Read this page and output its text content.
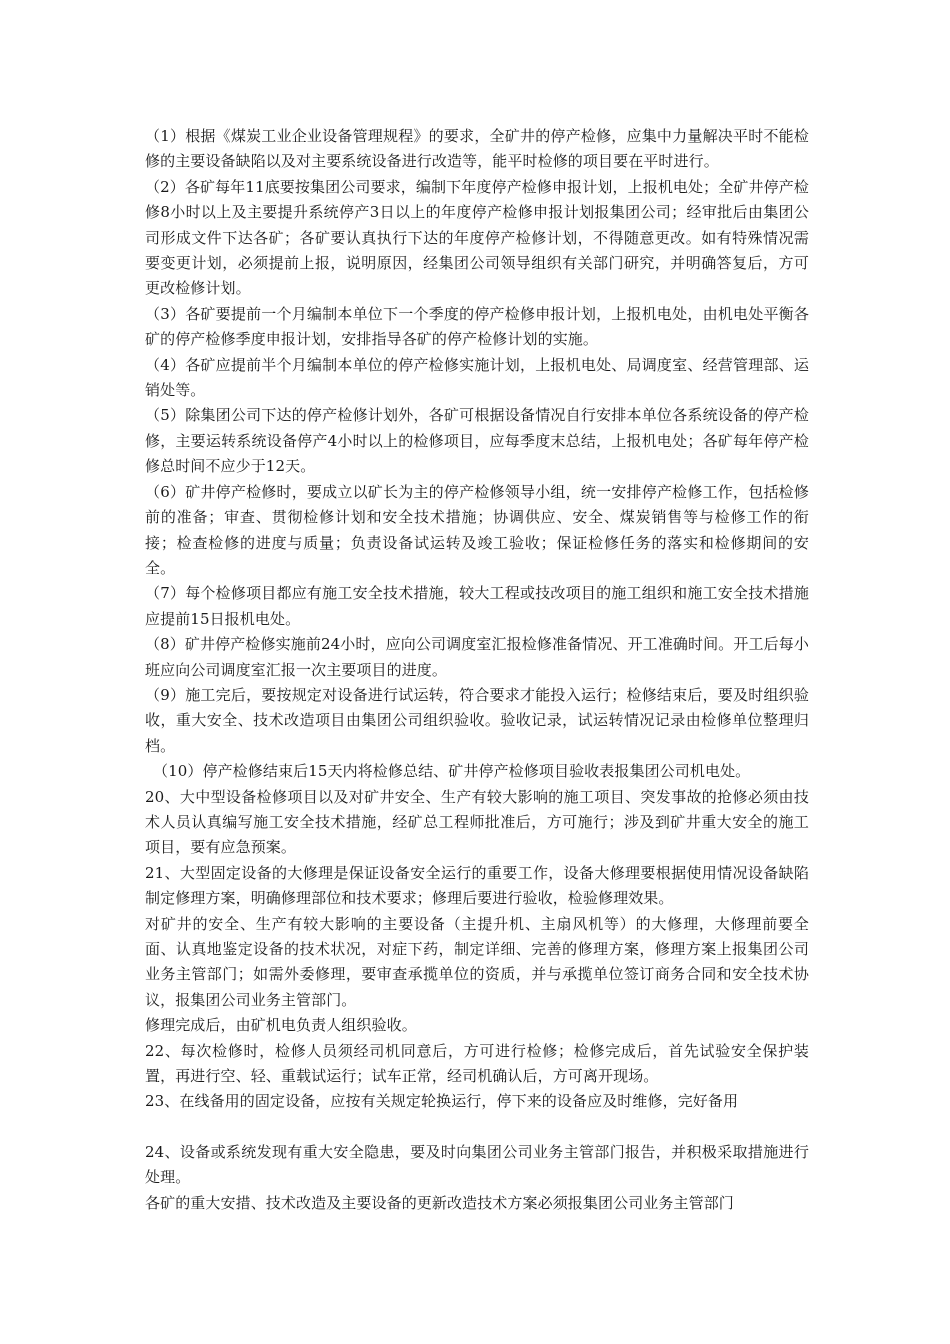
（1）根据《煤炭工业企业设备管理规程》的要求，全矿井的停产检修，应集中力量解决平时不能检修的主要设备缺陷以及对主要系统设备进行改造等，能平时检修的项目要在平时进行。

（2）各矿每年11底要按集团公司要求，编制下年度停产检修申报计划，上报机电处；全矿井停产检修8小时以上及主要提升系统停产3日以上的年度停产检修申报计划报集团公司；经审批后由集团公司形成文件下达各矿；各矿要认真执行下达的年度停产检修计划，不得随意更改。如有特殊情况需要变更计划，必须提前上报，说明原因，经集团公司领导组织有关部门研究，并明确答复后，方可更改检修计划。

（3）各矿要提前一个月编制本单位下一个季度的停产检修申报计划，上报机电处，由机电处平衡各矿的停产检修季度申报计划，安排指导各矿的停产检修计划的实施。

（4）各矿应提前半个月编制本单位的停产检修实施计划，上报机电处、局调度室、经营管理部、运销处等。

（5）除集团公司下达的停产检修计划外，各矿可根据设备情况自行安排本单位各系统设备的停产检修，主要运转系统设备停产4小时以上的检修项目，应每季度末总结，上报机电处；各矿每年停产检修总时间不应少于12天。

（6）矿井停产检修时，要成立以矿长为主的停产检修领导小组，统一安排停产检修工作，包括检修前的准备；审查、贯彻检修计划和安全技术措施；协调供应、安全、煤炭销售等与检修工作的衔接；检查检修的进度与质量；负责设备试运转及竣工验收；保证检修任务的落实和检修期间的安全。

（7）每个检修项目都应有施工安全技术措施，较大工程或技改项目的施工组织和施工安全技术措施应提前15日报机电处。

（8）矿井停产检修实施前24小时，应向公司调度室汇报检修准备情况、开工准确时间。开工后每小班应向公司调度室汇报一次主要项目的进度。

（9）施工完后，要按规定对设备进行试运转，符合要求才能投入运行；检修结束后，要及时组织验收，重大安全、技术改造项目由集团公司组织验收。验收记录，试运转情况记录由检修单位整理归档。

（10）停产检修结束后15天内将检修总结、矿井停产检修项目验收表报集团公司机电处。

20、大中型设备检修项目以及对矿井安全、生产有较大影响的施工项目、突发事故的抢修必须由技术人员认真编写施工安全技术措施，经矿总工程师批准后，方可施行；涉及到矿井重大安全的施工项目，要有应急预案。

21、大型固定设备的大修理是保证设备安全运行的重要工作，设备大修理要根据使用情况设备缺陷制定修理方案，明确修理部位和技术要求；修理后要进行验收，检验修理效果。

对矿井的安全、生产有较大影响的主要设备（主提升机、主扇风机等）的大修理，大修理前要全面、认真地鉴定设备的技术状况，对症下药，制定详细、完善的修理方案，修理方案上报集团公司业务主管部门；如需外委修理，要审查承揽单位的资质，并与承揽单位签订商务合同和安全技术协议，报集团公司业务主管部门。

修理完成后，由矿机电负责人组织验收。

22、每次检修时，检修人员须经司机同意后，方可进行检修；检修完成后，首先试验安全保护装置，再进行空、轻、重载试运行；试车正常，经司机确认后，方可离开现场。

23、在线备用的固定设备，应按有关规定轮换运行，停下来的设备应及时维修，完好备用

24、设备或系统发现有重大安全隐患，要及时向集团公司业务主管部门报告，并积极采取措施进行处理。

各矿的重大安措、技术改造及主要设备的更新改造技术方案必须报集团公司业务主管部门
